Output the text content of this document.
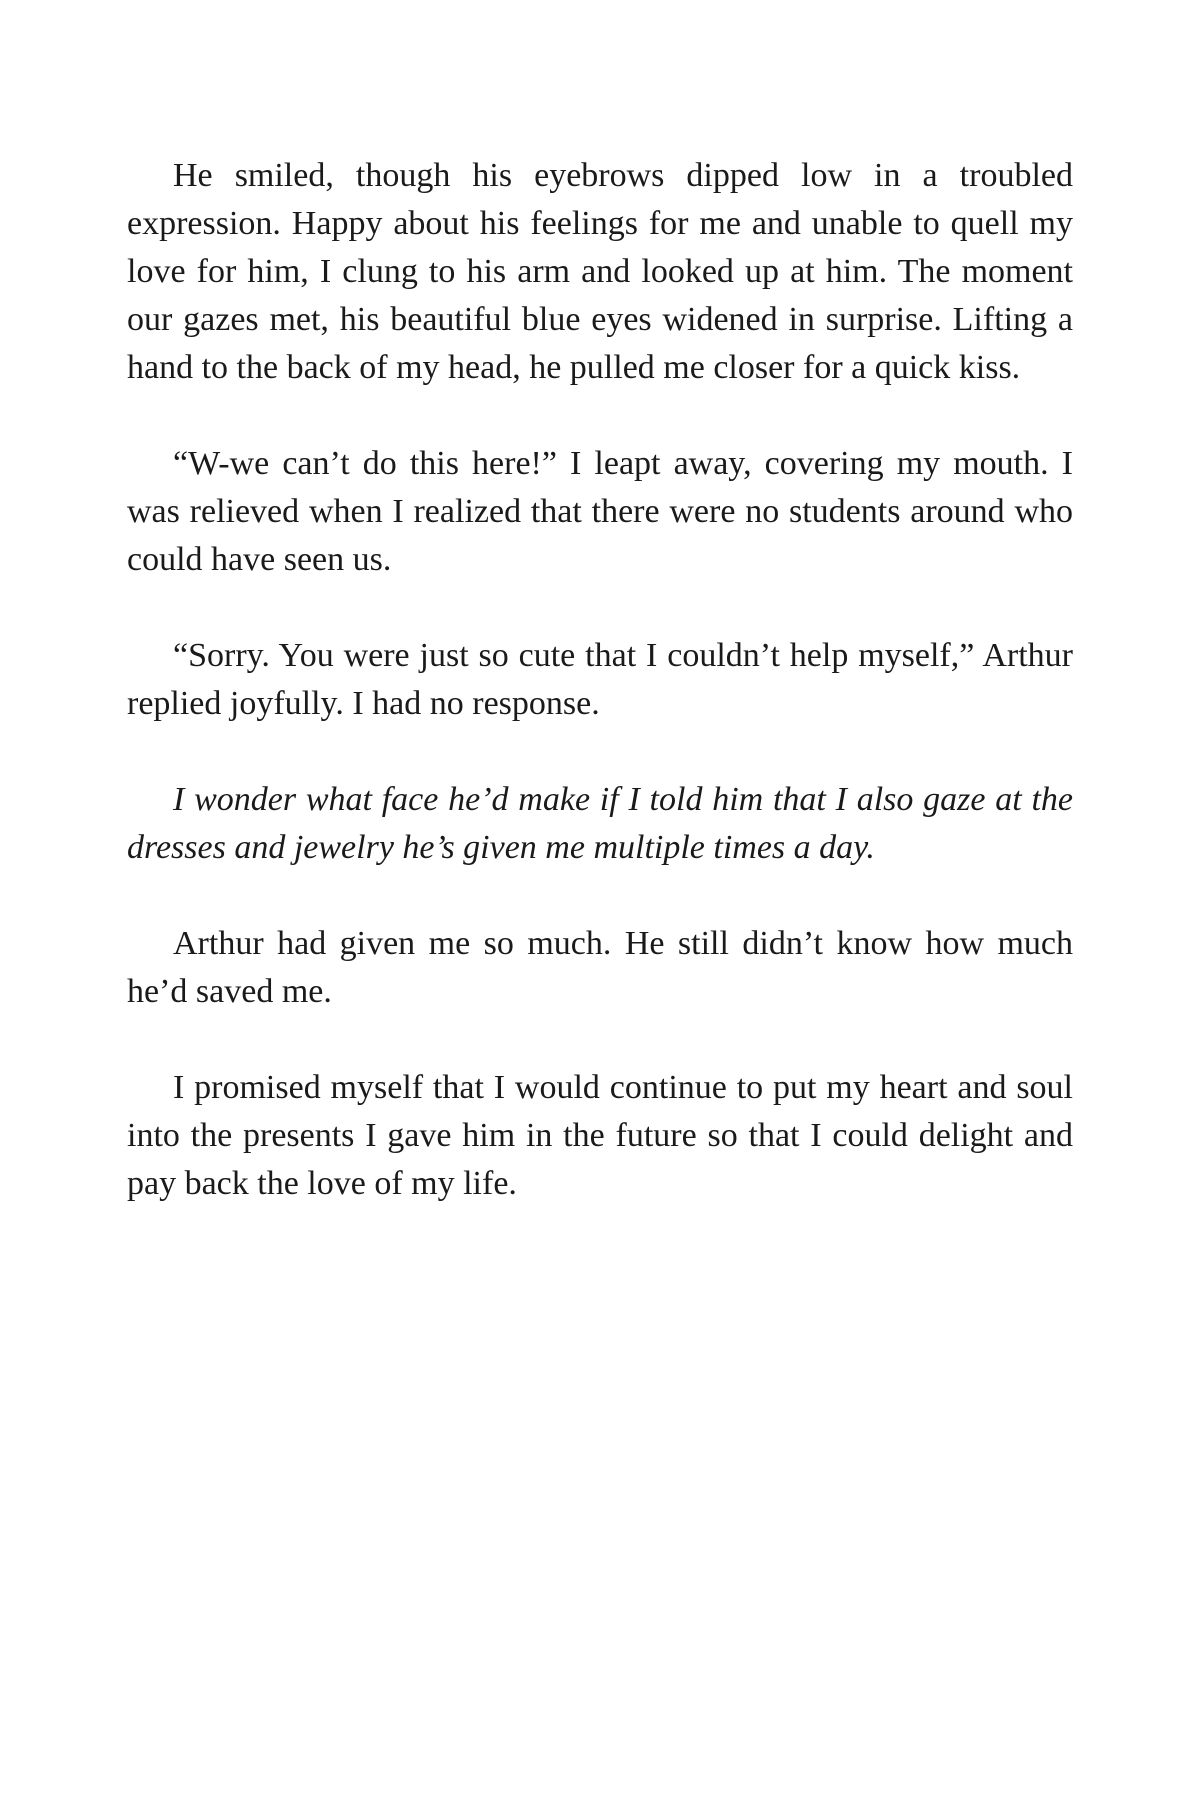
He smiled, though his eyebrows dipped low in a troubled expression. Happy about his feelings for me and unable to quell my love for him, I clung to his arm and looked up at him. The moment our gazes met, his beautiful blue eyes widened in surprise. Lifting a hand to the back of my head, he pulled me closer for a quick kiss.

“W-we can’t do this here!” I leapt away, covering my mouth. I was relieved when I realized that there were no students around who could have seen us.

“Sorry. You were just so cute that I couldn’t help myself,” Arthur replied joyfully. I had no response.

I wonder what face he’d make if I told him that I also gaze at the dresses and jewelry he’s given me multiple times a day.

Arthur had given me so much. He still didn’t know how much he’d saved me.

I promised myself that I would continue to put my heart and soul into the presents I gave him in the future so that I could delight and pay back the love of my life.
